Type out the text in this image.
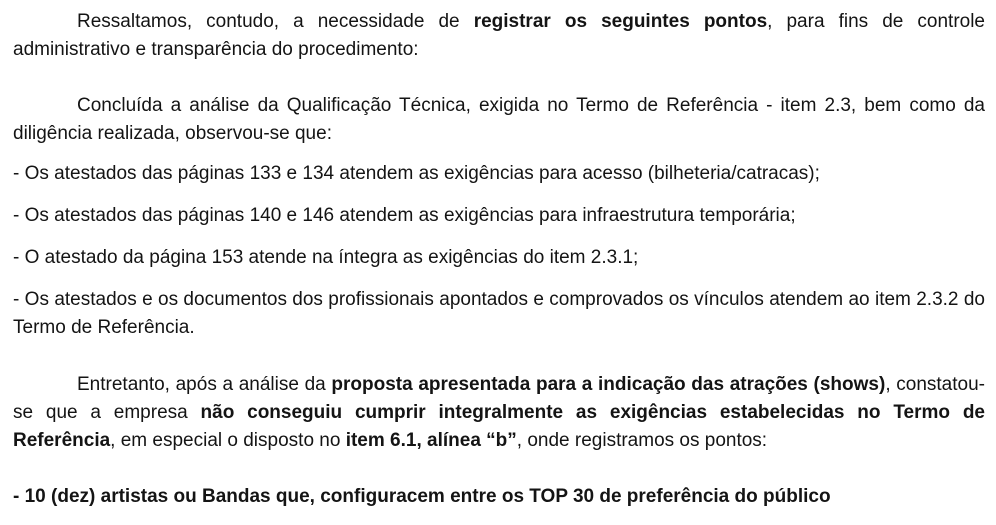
Ressaltamos, contudo, a necessidade de registrar os seguintes pontos, para fins de controle administrativo e transparência do procedimento:

Concluída a análise da Qualificação Técnica, exigida no Termo de Referência - item 2.3, bem como da diligência realizada, observou-se que:

- Os atestados das páginas 133 e 134 atendem as exigências para acesso (bilheteria/catracas);

- Os atestados das páginas 140 e 146 atendem as exigências para infraestrutura temporária;

- O atestado da página 153 atende na íntegra as exigências do item 2.3.1;

- Os atestados e os documentos dos profissionais apontados e comprovados os vínculos atendem ao item 2.3.2 do Termo de Referência.

Entretanto, após a análise da proposta apresentada para a indicação das atrações (shows), constatou-se que a empresa não conseguiu cumprir integralmente as exigências estabelecidas no Termo de Referência, em especial o disposto no item 6.1, alínea “b”, onde registramos os pontos:

- 10 (dez) artistas ou Bandas que, configuracem entre os TOP 30 de preferência do público
